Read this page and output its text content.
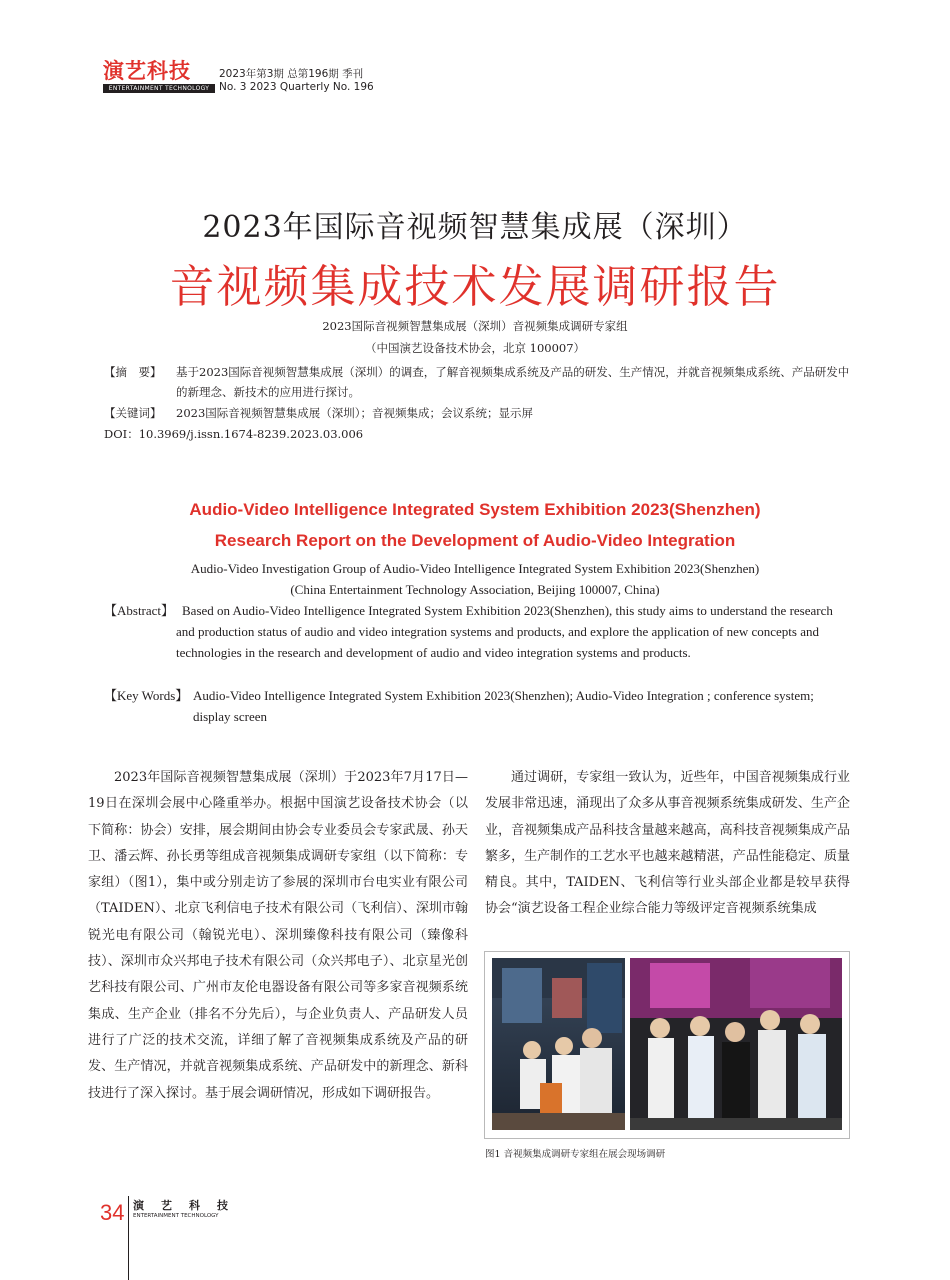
演艺科技
ENTERTAINMENT TECHNOLOGY
2023年第3期 总第196期 季刊
No. 3 2023 Quarterly No. 196
2023年国际音视频智慧集成展（深圳）
音视频集成技术发展调研报告
2023国际音视频智慧集成展（深圳）音视频集成调研专家组
（中国演艺设备技术协会，北京 100007）
【摘　要】 基于2023国际音视频智慧集成展（深圳）的调查，了解音视频集成系统及产品的研发、生产情况，并就音视频集成系统、产品研发中的新理念、新技术的应用进行探讨。
【关键词】 2023国际音视频智慧集成展（深圳）；音视频集成；会议系统；显示屏
DOI：10.3969/j.issn.1674-8239.2023.03.006
Audio-Video Intelligence Integrated System Exhibition 2023(Shenzhen)
Research Report on the Development of Audio-Video Integration
Audio-Video Investigation Group of Audio-Video Intelligence Integrated System Exhibition 2023(Shenzhen)
(China Entertainment Technology Association, Beijing 100007, China)
【Abstract】 Based on Audio-Video Intelligence Integrated System Exhibition 2023(Shenzhen), this study aims to understand the research and production status of audio and video integration systems and products, and explore the application of new concepts and technologies in the research and development of audio and video integration systems and products.
【Key Words】 Audio-Video Intelligence Integrated System Exhibition 2023(Shenzhen); Audio-Video Integration ; conference system; display screen

2023年国际音视频智慧集成展（深圳）于2023年7月17日—19日在深圳会展中心隆重举办。根据中国演艺设备技术协会（以下简称：协会）安排，展会期间由协会专业委员会专家武晟、孙天卫、潘云辉、孙长勇等组成音视频集成调研专家组（以下简称：专家组）（图1），集中或分别走访了参展的深圳市台电实业有限公司（TAIDEN）、北京飞利信电子技术有限公司（飞利信）、深圳市翰锐光电有限公司（翰锐光电）、深圳臻像科技有限公司（臻像科技）、深圳市众兴邦电子技术有限公司（众兴邦电子）、北京星光创艺科技有限公司、广州市友伦电器设备有限公司等多家音视频系统集成、生产企业（排名不分先后），与企业负责人、产品研发人员进行了广泛的技术交流，详细了解了音视频集成系统及产品的研发、生产情况，并就音视频集成系统、产品研发中的新理念、新科技进行了深入探讨。基于展会调研情况，形成如下调研报告。

通过调研，专家组一致认为，近些年，中国音视频集成行业发展非常迅速，涌现出了众多从事音视频系统集成研发、生产企业，音视频集成产品科技含量越来越高，高科技音视频集成产品繁多，生产制作的工艺水平也越来越精湛，产品性能稳定、质量精良。其中，TAIDEN、飞利信等行业头部企业都是较早获得协会“演艺设备工程企业综合能力等级评定音视频系统集成

图1 音视频集成调研专家组在展会现场调研
34 演艺科技
ENTERTAINMENT TECHNOLOGY
